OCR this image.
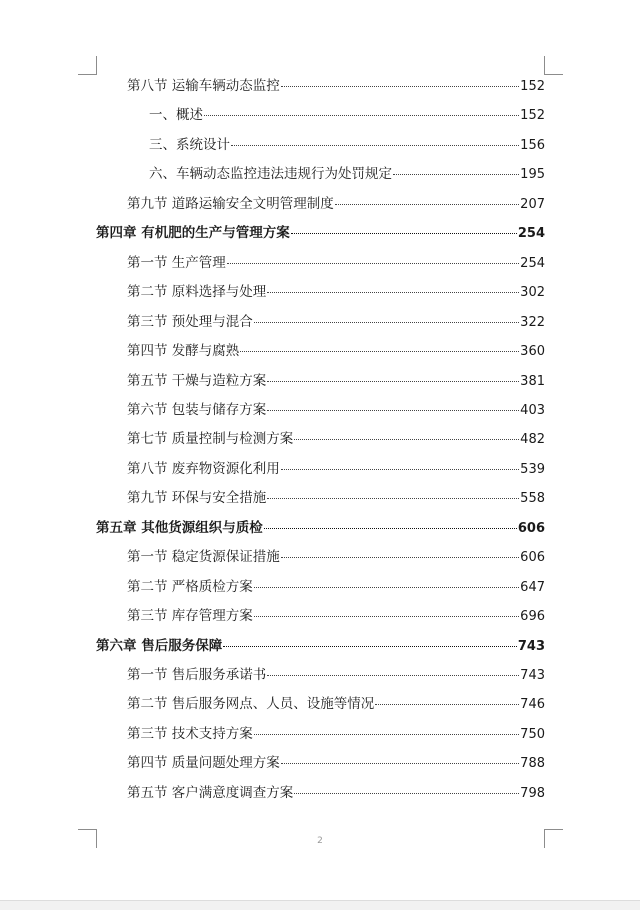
第八节 运输车辆动态监控	152
一、概述	152
三、系统设计	156
六、车辆动态监控违法违规行为处罚规定	195
第九节 道路运输安全文明管理制度	207
第四章 有机肥的生产与管理方案	254
第一节 生产管理	254
第二节 原料选择与处理	302
第三节 预处理与混合	322
第四节 发酵与腐熟	360
第五节 干燥与造粒方案	381
第六节 包装与储存方案	403
第七节 质量控制与检测方案	482
第八节 废弃物资源化利用	539
第九节 环保与安全措施	558
第五章 其他货源组织与质检	606
第一节 稳定货源保证措施	606
第二节 严格质检方案	647
第三节 库存管理方案	696
第六章 售后服务保障	743
第一节 售后服务承诺书	743
第二节 售后服务网点、人员、设施等情况	746
第三节 技术支持方案	750
第四节 质量问题处理方案	788
第五节 客户满意度调查方案	798
2
